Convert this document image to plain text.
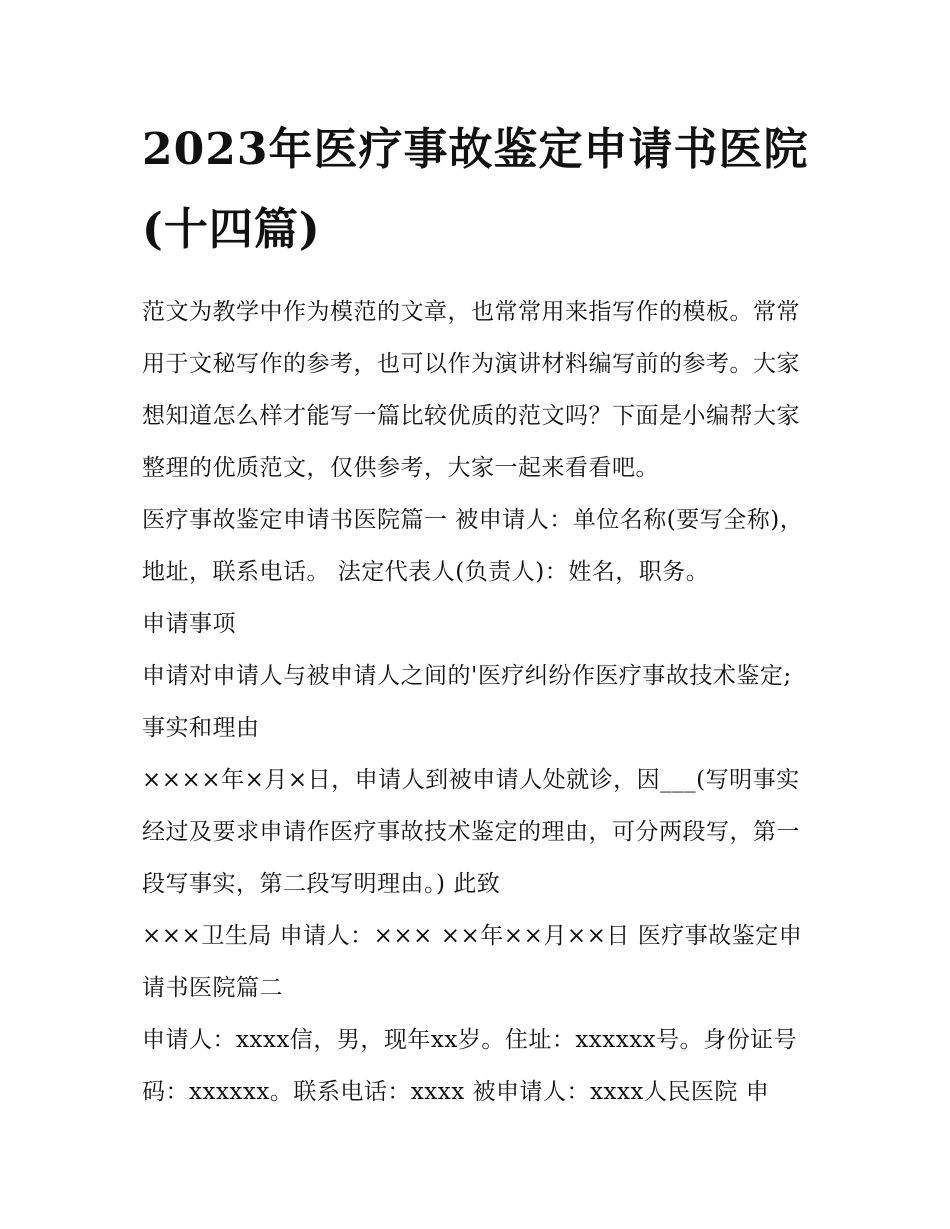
2023年医疗事故鉴定申请书医院(十四篇)

范文为教学中作为模范的文章，也常常用来指写作的模板。常常用于文秘写作的参考，也可以作为演讲材料编写前的参考。大家想知道怎么样才能写一篇比较优质的范文吗？下面是小编帮大家整理的优质范文，仅供参考，大家一起来看看吧。

医疗事故鉴定申请书医院篇一 被申请人：单位名称(要写全称)，地址，联系电话。 法定代表人(负责人)：姓名，职务。

申请事项

申请对申请人与被申请人之间的'医疗纠纷作医疗事故技术鉴定; 事实和理由

××××年×月×日，申请人到被申请人处就诊，因___(写明事实经过及要求申请作医疗事故技术鉴定的理由，可分两段写，第一段写事实，第二段写明理由。) 此致

×××卫生局 申请人：××× ××年××月××日 医疗事故鉴定申请书医院篇二

申请人：xxxx信，男，现年xx岁。住址：xxxxxx号。身份证号码：xxxxxx。联系电话：xxxx 被申请人：xxxx人民医院 申
